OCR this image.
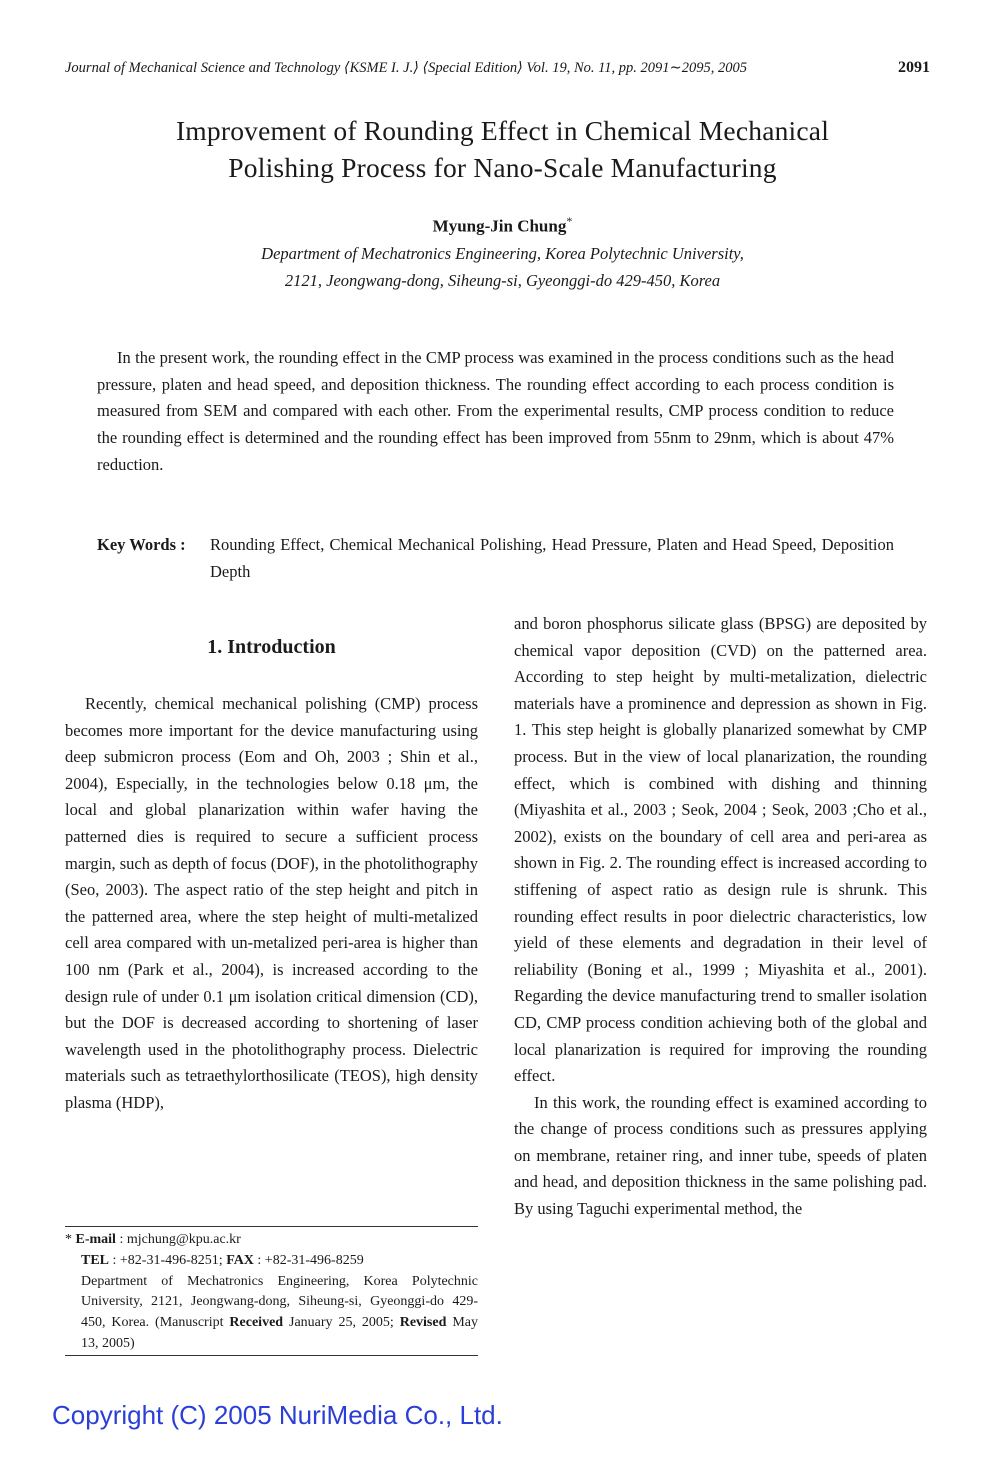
Journal of Mechanical Science and Technology ⟨KSME I. J.⟩ ⟨Special Edition⟩ Vol. 19, No. 11, pp. 2091∼2095, 2005	2091
Improvement of Rounding Effect in Chemical Mechanical
Polishing Process for Nano-Scale Manufacturing
Myung-Jin Chung*
Department of Mechatronics Engineering, Korea Polytechnic University,
2121, Jeongwang-dong, Siheung-si, Gyeonggi-do 429-450, Korea
In the present work, the rounding effect in the CMP process was examined in the process conditions such as the head pressure, platen and head speed, and deposition thickness. The rounding effect according to each process condition is measured from SEM and compared with each other. From the experimental results, CMP process condition to reduce the rounding effect is determined and the rounding effect has been improved from 55nm to 29nm, which is about 47% reduction.
Key Words : Rounding Effect, Chemical Mechanical Polishing, Head Pressure, Platen and Head Speed, Deposition Depth
1. Introduction

Recently, chemical mechanical polishing (CMP) process becomes more important for the device manufacturing using deep submicron process (Eom and Oh, 2003 ; Shin et al., 2004), Especially, in the technologies below 0.18 μm, the local and global planarization within wafer having the patterned dies is required to secure a sufficient process margin, such as depth of focus (DOF), in the photolithography (Seo, 2003). The aspect ratio of the step height and pitch in the patterned area, where the step height of multi-metalized cell area compared with un-metalized peri-area is higher than 100 nm (Park et al., 2004), is increased according to the design rule of under 0.1 μm isolation critical dimension (CD), but the DOF is decreased according to shortening of laser wavelength used in the photolithography process. Dielectric materials such as tetraethylorthosilicate (TEOS), high density plasma (HDP),

and boron phosphorus silicate glass (BPSG) are deposited by chemical vapor deposition (CVD) on the patterned area. According to step height by multi-metalization, dielectric materials have a prominence and depression as shown in Fig. 1. This step height is globally planarized somewhat by CMP process. But in the view of local planarization, the rounding effect, which is combined with dishing and thinning (Miyashita et al., 2003 ; Seok, 2004 ; Seok, 2003 ;Cho et al., 2002), exists on the boundary of cell area and peri-area as shown in Fig. 2. The rounding effect is increased according to stiffening of aspect ratio as design rule is shrunk. This rounding effect results in poor dielectric characteristics, low yield of these elements and degradation in their level of reliability (Boning et al., 1999 ; Miyashita et al., 2001). Regarding the device manufacturing trend to smaller isolation CD, CMP process condition achieving both of the global and local planarization is required for improving the rounding effect.

In this work, the rounding effect is examined according to the change of process conditions such as pressures applying on membrane, retainer ring, and inner tube, speeds of platen and head, and deposition thickness in the same polishing pad. By using Taguchi experimental method, the

* E-mail : mjchung@kpu.ac.kr
TEL : +82-31-496-8251; FAX : +82-31-496-8259
Department of Mechatronics Engineering, Korea Polytechnic University, 2121, Jeongwang-dong, Siheung-si, Gyeonggi-do 429-450, Korea. (Manuscript Received January 25, 2005; Revised May 13, 2005)
Copyright (C) 2005 NuriMedia Co., Ltd.
